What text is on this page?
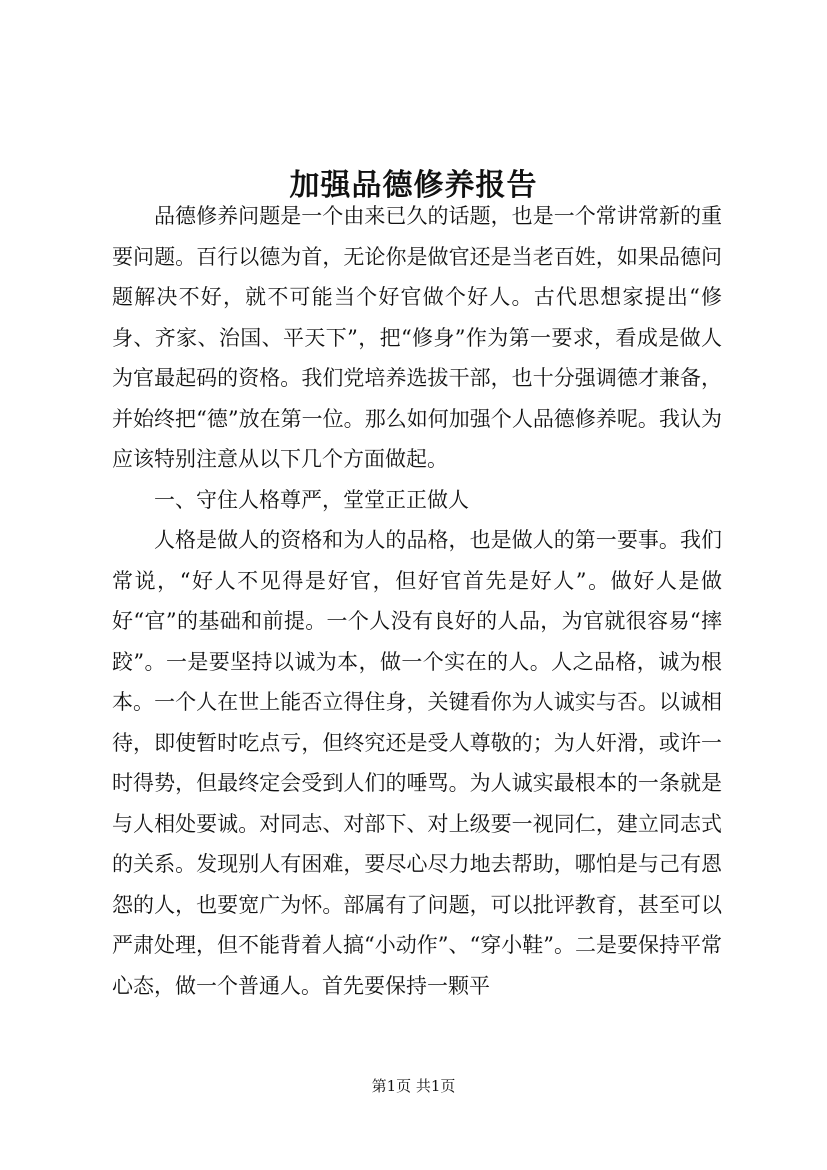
加强品德修养报告

品德修养问题是一个由来已久的话题，也是一个常讲常新的重要问题。百行以德为首，无论你是做官还是当老百姓，如果品德问题解决不好，就不可能当个好官做个好人。古代思想家提出“修身、齐家、治国、平天下”，把“修身”作为第一要求，看成是做人为官最起码的资格。我们党培养选拔干部，也十分强调德才兼备，并始终把“德”放在第一位。那么如何加强个人品德修养呢。我认为应该特别注意从以下几个方面做起。

一、守住人格尊严，堂堂正正做人

人格是做人的资格和为人的品格，也是做人的第一要事。我们常说，“好人不见得是好官，但好官首先是好人”。做好人是做好“官”的基础和前提。一个人没有良好的人品，为官就很容易“摔跤”。一是要坚持以诚为本，做一个实在的人。人之品格，诚为根本。一个人在世上能否立得住身，关键看你为人诚实与否。以诚相待，即使暂时吃点亏，但终究还是受人尊敬的；为人奸滑，或许一时得势，但最终定会受到人们的唾骂。为人诚实最根本的一条就是与人相处要诚。对同志、对部下、对上级要一视同仁，建立同志式的关系。发现别人有困难，要尽心尽力地去帮助，哪怕是与己有恩怨的人，也要宽广为怀。部属有了问题，可以批评教育，甚至可以严肃处理，但不能背着人搞“小动作”、“穿小鞋”。二是要保持平常心态，做一个普通人。首先要保持一颗平

第1页 共1页
